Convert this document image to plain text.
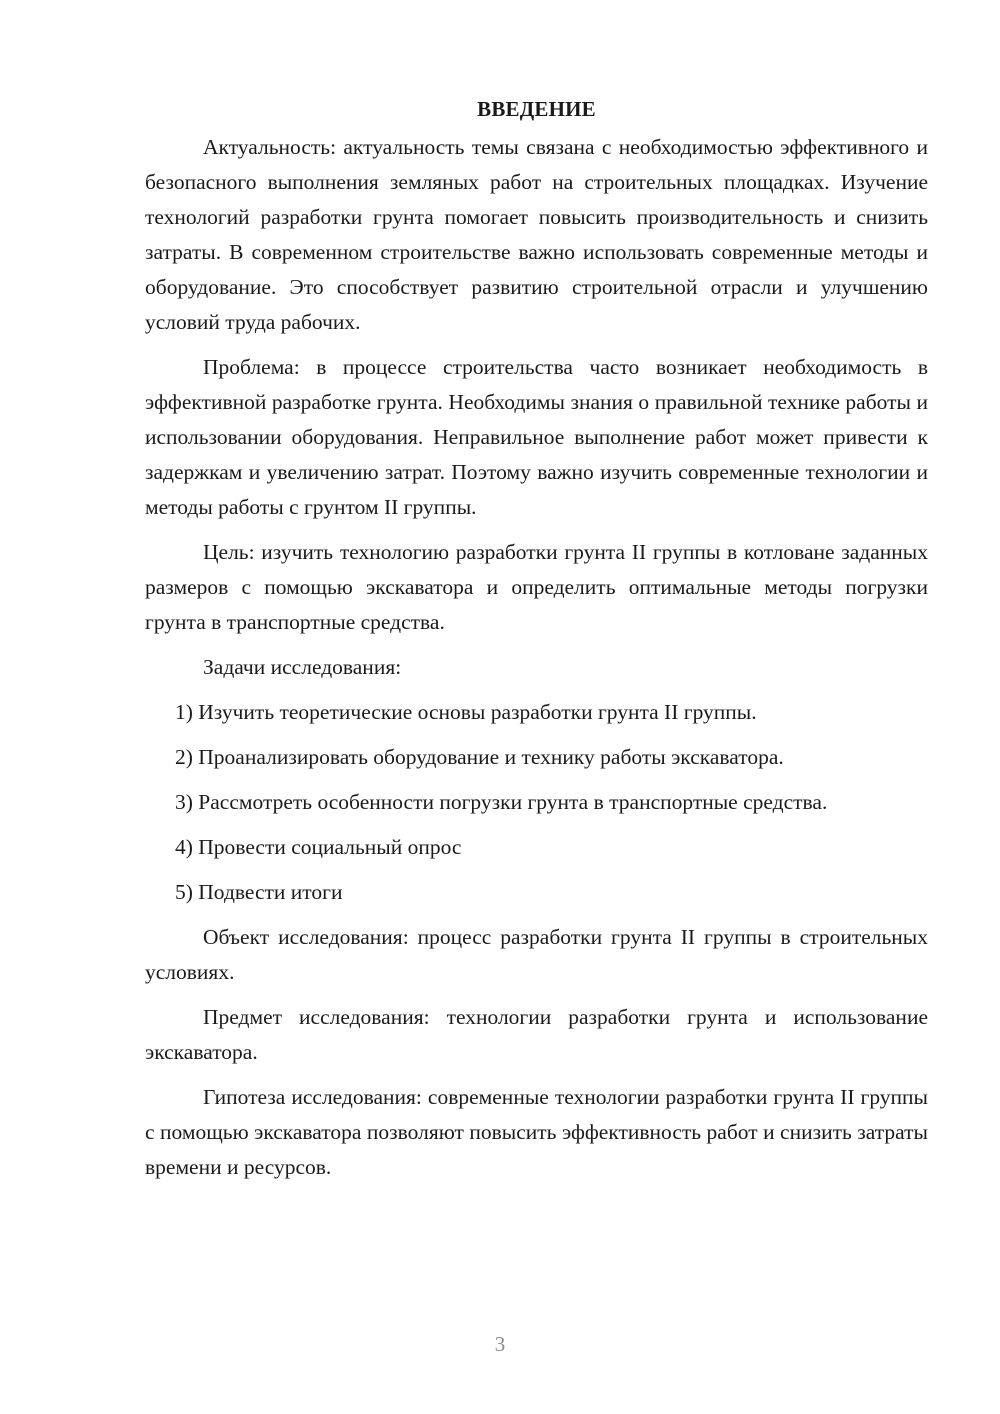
ВВЕДЕНИЕ

Актуальность: актуальность темы связана с необходимостью эффективного и безопасного выполнения земляных работ на строительных площадках. Изучение технологий разработки грунта помогает повысить производительность и снизить затраты. В современном строительстве важно использовать современные методы и оборудование. Это способствует развитию строительной отрасли и улучшению условий труда рабочих.

Проблема: в процессе строительства часто возникает необходимость в эффективной разработке грунта. Необходимы знания о правильной технике работы и использовании оборудования. Неправильное выполнение работ может привести к задержкам и увеличению затрат. Поэтому важно изучить современные технологии и методы работы с грунтом II группы.

Цель: изучить технологию разработки грунта II группы в котловане заданных размеров с помощью экскаватора и определить оптимальные методы погрузки грунта в транспортные средства.

Задачи исследования:

1) Изучить теоретические основы разработки грунта II группы.
2) Проанализировать оборудование и технику работы экскаватора.
3) Рассмотреть особенности погрузки грунта в транспортные средства.
4) Провести социальный опрос
5) Подвести итоги

Объект исследования: процесс разработки грунта II группы в строительных условиях.

Предмет исследования: технологии разработки грунта и использование экскаватора.

Гипотеза исследования: современные технологии разработки грунта II группы с помощью экскаватора позволяют повысить эффективность работ и снизить затраты времени и ресурсов.

3
